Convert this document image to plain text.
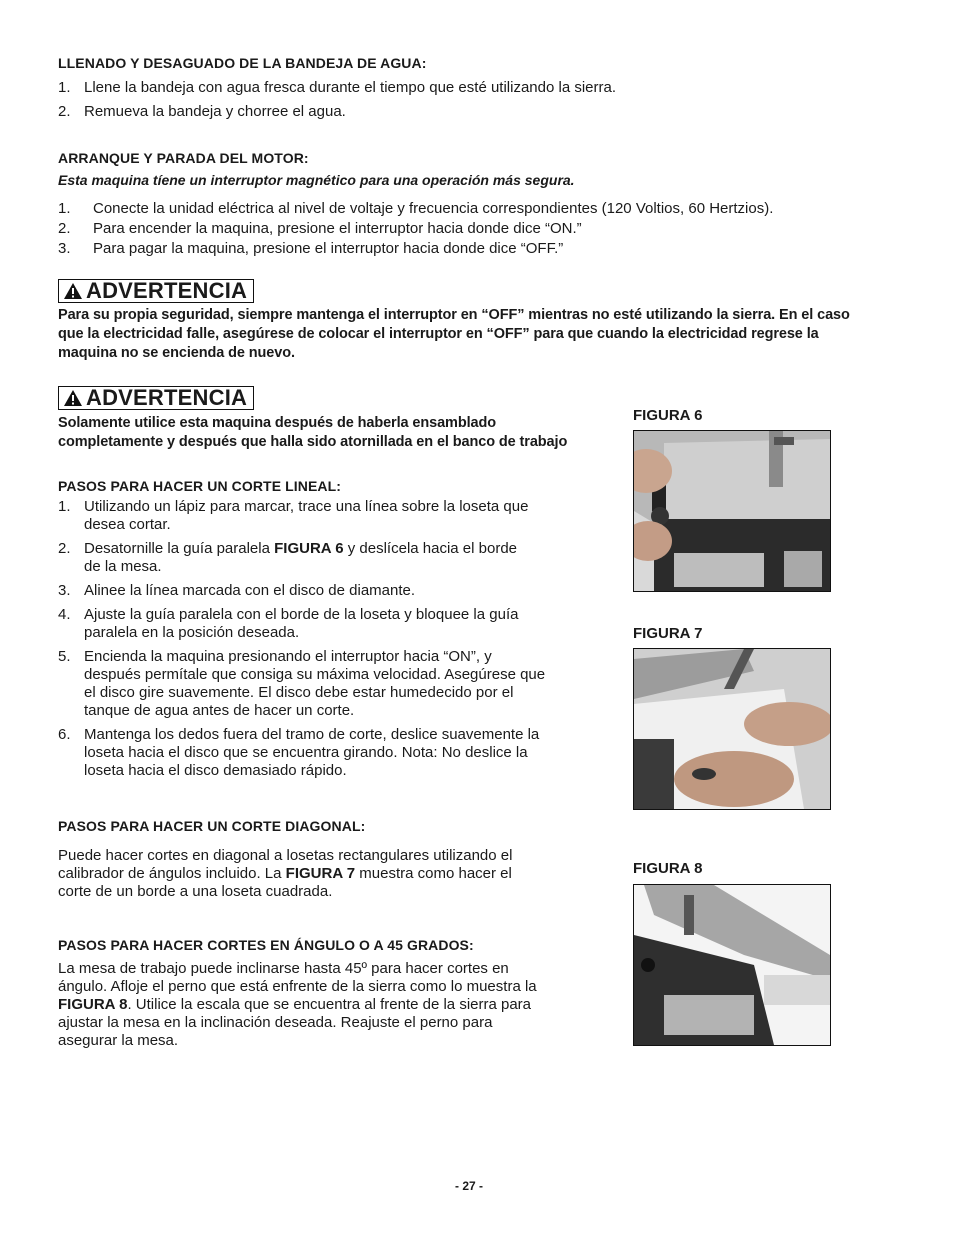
LLENADO Y DESAGUADO DE LA BANDEJA DE AGUA:
1. Llene la bandeja con agua fresca durante el tiempo que esté utilizando la sierra.
2. Remueva la bandeja y chorree el agua.
ARRANQUE Y PARADA DEL MOTOR:
Esta maquina tíene un interruptor magnético para una operación más segura.
1. Conecte la unidad eléctrica al nivel de voltaje y frecuencia correspondientes (120 Voltios, 60 Hertzios).
2. Para encender la maquina, presione el interruptor hacia donde dice “ON.”
3. Para pagar la maquina, presione el interruptor hacia donde dice “OFF.”
ADVERTENCIA
Para su propia seguridad, siempre mantenga el interruptor en “OFF” mientras no esté utilizando la sierra. En el caso
que la electricidad falle, asegúrese de colocar el interruptor en “OFF” para que cuando la electricidad regrese la
maquina no se encienda de nuevo.
ADVERTENCIA
Solamente utilice esta maquina después de haberla ensamblado
completamente y después que halla sido atornillada en el banco de trabajo
PASOS PARA HACER UN CORTE LINEAL:
1. Utilizando un lápiz para marcar, trace una línea sobre la loseta que
desea cortar.
2. Desatornille la guía paralela FIGURA 6 y deslícela hacia el borde
de la mesa.
3. Alinee la línea marcada con el disco de diamante.
4. Ajuste la guía paralela con el borde de la loseta y bloquee la guía
paralela en la posición deseada.
5. Encienda la maquina presionando el interruptor hacia “ON”, y
después permítale que consiga su máxima velocidad. Asegúrese que
el disco gire suavemente. El disco debe estar humedecido por el
tanque de agua antes de hacer un corte.
6. Mantenga los dedos fuera del tramo de corte, deslice suavemente la
loseta hacia el disco que se encuentra girando. Nota: No deslice la
loseta hacia el disco demasiado rápido.
PASOS PARA HACER UN CORTE DIAGONAL:
Puede hacer cortes en diagonal a losetas rectangulares utilizando el
calibrador de ángulos incluido. La FIGURA 7 muestra como hacer el
corte de un borde a una loseta cuadrada.
PASOS PARA HACER CORTES EN ÁNGULO O A 45 GRADOS:
La mesa de trabajo puede inclinarse hasta 45º para hacer cortes en
ángulo. Afloje el perno que está enfrente de la sierra como lo muestra la
FIGURA 8. Utilice la escala que se encuentra al frente de la sierra para
ajustar la mesa en la inclinación deseada. Reajuste el perno para
asegurar la mesa.
FIGURA 6
FIGURA 7
FIGURA 8
- 27 -
